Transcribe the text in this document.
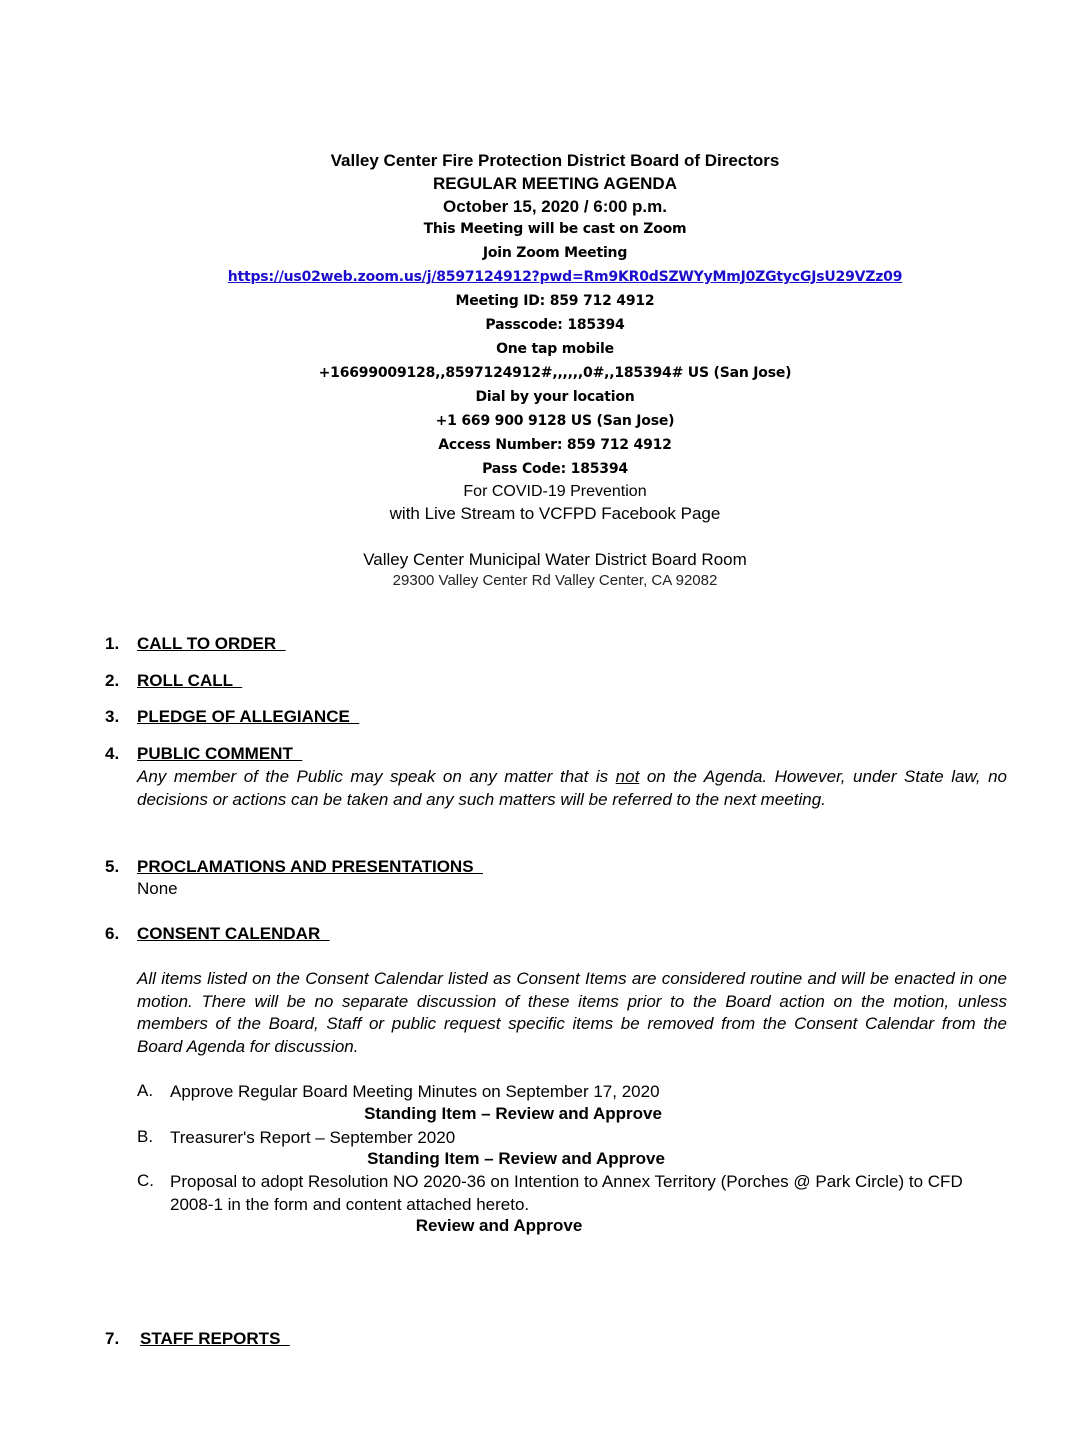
Valley Center Fire Protection District Board of Directors
REGULAR MEETING AGENDA
October 15, 2020 / 6:00 p.m.
This Meeting will be cast on Zoom
Join Zoom Meeting
https://us02web.zoom.us/j/8597124912?pwd=Rm9KR0dSZWYyMmJ0ZGtycGJsU29VZz09
Meeting ID: 859 712 4912
Passcode: 185394
One tap mobile
+16699009128,,8597124912#,,,,,,0#,,185394# US (San Jose)
Dial by your location
+1 669 900 9128 US (San Jose)
Access Number: 859 712 4912
Pass Code: 185394
For COVID-19 Prevention
with Live Stream to VCFPD Facebook Page
Valley Center Municipal Water District Board Room
29300 Valley Center Rd Valley Center, CA 92082
1. CALL TO ORDER
2. ROLL CALL
3. PLEDGE OF ALLEGIANCE
4. PUBLIC COMMENT
Any member of the Public may speak on any matter that is not on the Agenda. However, under State law, no decisions or actions can be taken and any such matters will be referred to the next meeting.
5. PROCLAMATIONS AND PRESENTATIONS
None
6. CONSENT CALENDAR
All items listed on the Consent Calendar listed as Consent Items are considered routine and will be enacted in one motion. There will be no separate discussion of these items prior to the Board action on the motion, unless members of the Board, Staff or public request specific items be removed from the Consent Calendar from the Board Agenda for discussion.
A. Approve Regular Board Meeting Minutes on September 17, 2020
Standing Item – Review and Approve
B. Treasurer's Report – September 2020
Standing Item – Review and Approve
C. Proposal to adopt Resolution NO 2020-36 on Intention to Annex Territory (Porches @ Park Circle) to CFD 2008-1 in the form and content attached hereto.
Review and Approve
7. STAFF REPORTS
